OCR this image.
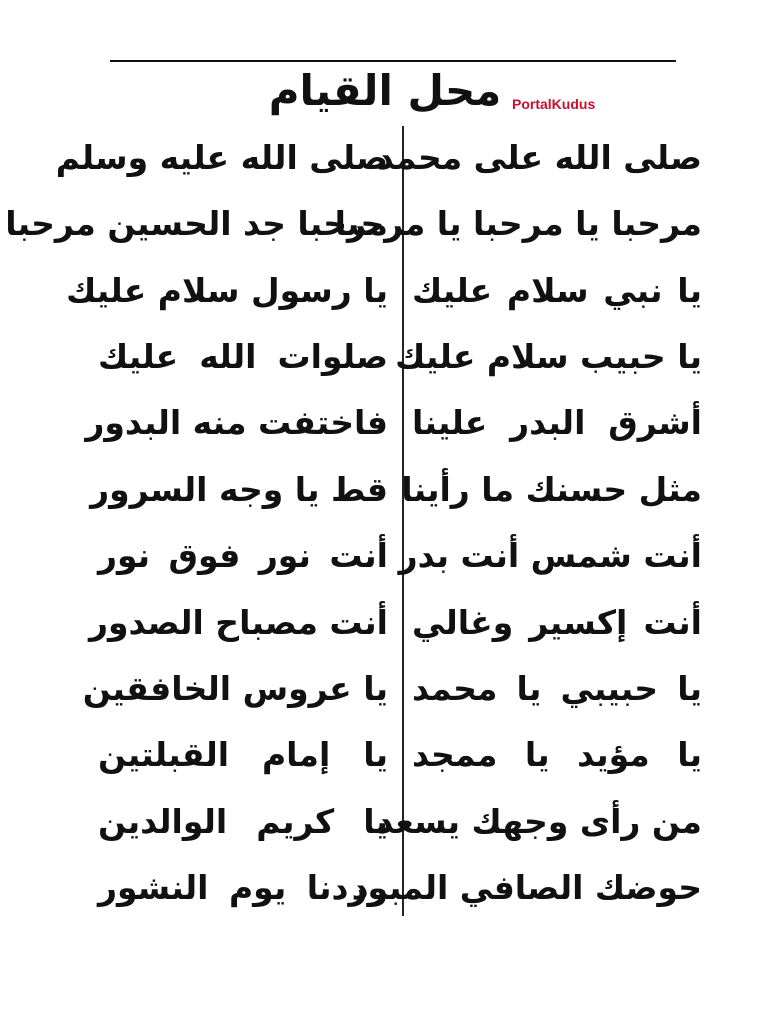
محل القيام PortalKudus
صلى الله على محمد
مرحبا يا مرحبا يا مرحبا
يا نبي سلام عليك
يا حبيب سلام عليك
أشرق البدر علينا
مثل حسنك ما رأينا
أنت شمس أنت بدر
أنت إكسير وغالي
يا حبيبي يا محمد
يا مؤيد يا ممجد
من رأى وجهك يسعد
حوضك الصافي المبرد
صلى الله عليه وسلم
مرحبا جد الحسين مرحبا
يا رسول سلام عليك
صلوات الله عليك
فاختفت منه البدور
قط يا وجه السرور
أنت نور فوق نور
أنت مصباح الصدور
يا عروس الخافقين
يا إمام القبلتين
يا كريم الوالدين
وردنا يوم النشور
